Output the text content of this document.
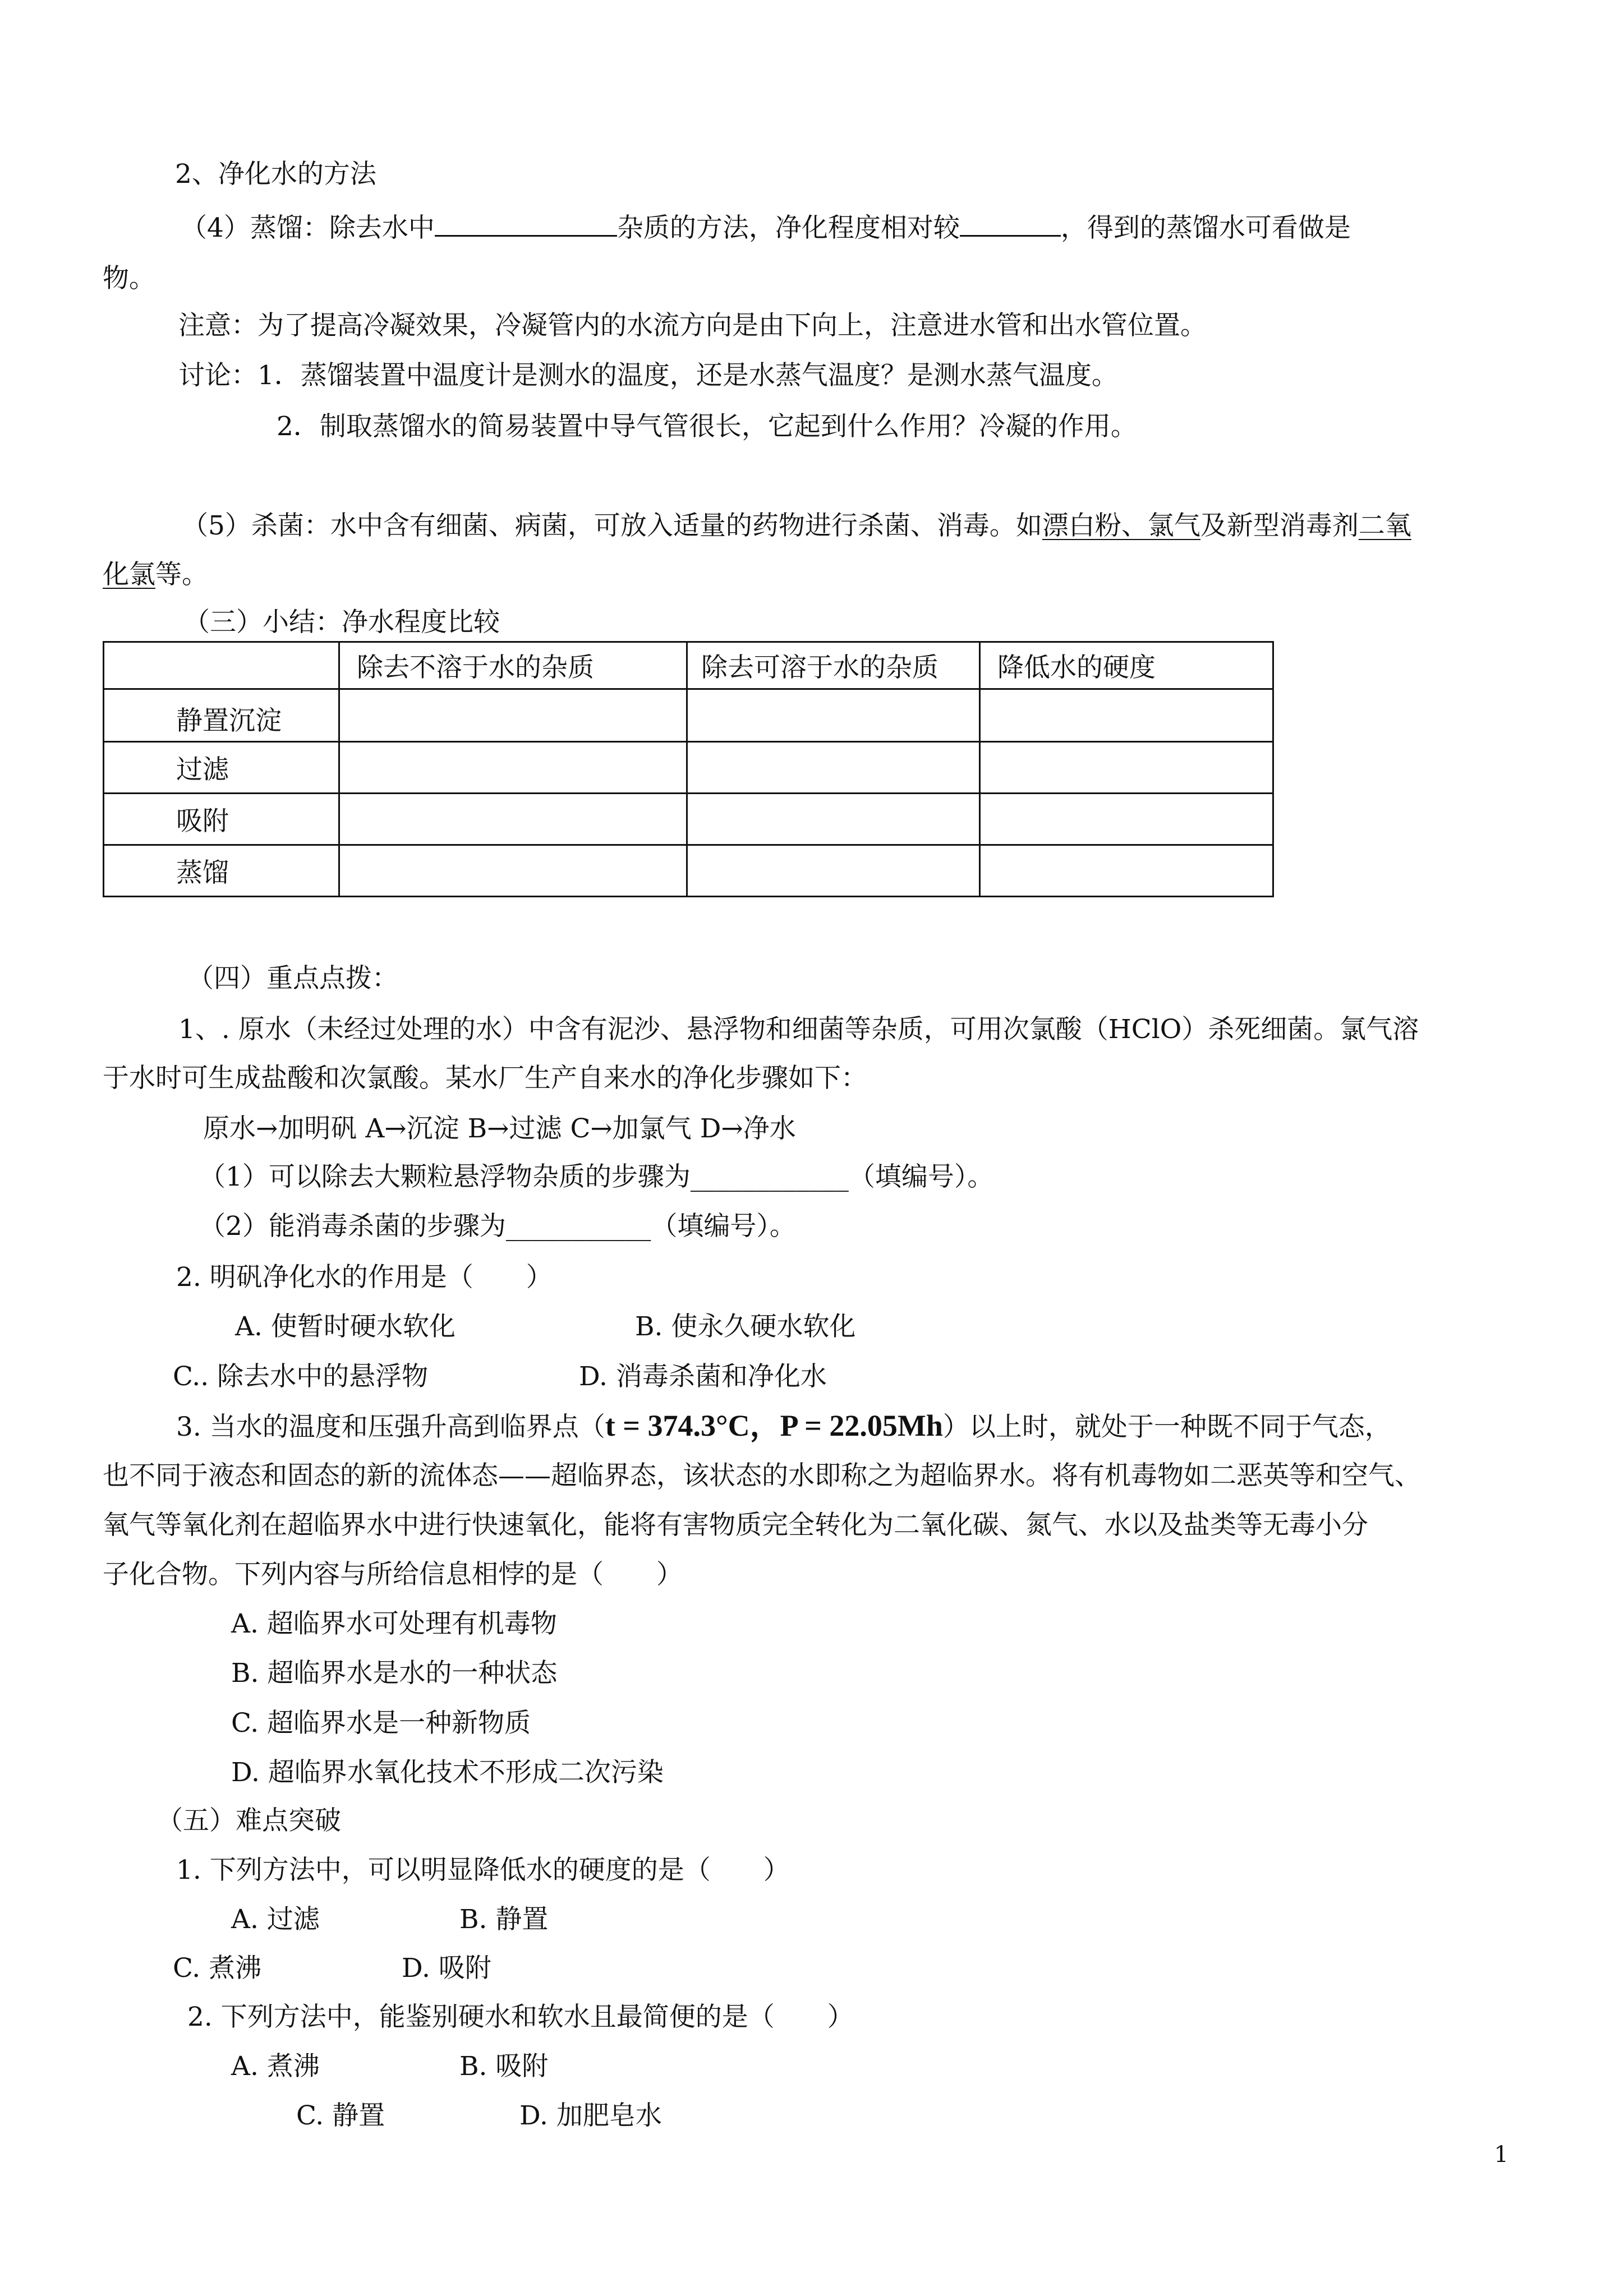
2、净化水的方法
（4）蒸馏：除去水中	杂质的方法，净化程度相对较	，得到的蒸馏水可看做是
物。
注意：为了提高冷凝效果，冷凝管内的水流方向是由下向上，注意进水管和出水管位置。
讨论：1．蒸馏装置中温度计是测水的温度，还是水蒸气温度？是测水蒸气温度。
2．制取蒸馏水的简易装置中导气管很长，它起到什么作用？冷凝的作用。
（5）杀菌：水中含有细菌、病菌，可放入适量的药物进行杀菌、消毒。如漂白粉、氯气及新型消毒剂二氧
化氯等。
（三）小结：净水程度比较
	除去不溶于水的杂质	除去可溶于水的杂质	降低水的硬度
静置沉淀			
过滤			
吸附			
蒸馏			
（四）重点点拨：
1、. 原水（未经过处理的水）中含有泥沙、悬浮物和细菌等杂质，可用次氯酸（HClO）杀死细菌。氯气溶
于水时可生成盐酸和次氯酸。某水厂生产自来水的净化步骤如下：
原水→加明矾 A→沉淀 B→过滤 C→加氯气 D→净水
（1）可以除去大颗粒悬浮物杂质的步骤为____________（填编号）。
（2）能消毒杀菌的步骤为___________（填编号）。
2. 明矾净化水的作用是（　　）
A. 使暂时硬水软化	B. 使永久硬水软化
C.. 除去水中的悬浮物	D. 消毒杀菌和净化水
3. 当水的温度和压强升高到临界点（t = 374.3°C，P = 22.05Mh）以上时，就处于一种既不同于气态，
也不同于液态和固态的新的流体态——超临界态，该状态的水即称之为超临界水。将有机毒物如二恶英等和空气、
氧气等氧化剂在超临界水中进行快速氧化，能将有害物质完全转化为二氧化碳、氮气、水以及盐类等无毒小分
子化合物。下列内容与所给信息相悖的是（　　）
A. 超临界水可处理有机毒物
B. 超临界水是水的一种状态
C. 超临界水是一种新物质
D. 超临界水氧化技术不形成二次污染
（五）难点突破
1. 下列方法中，可以明显降低水的硬度的是（　　）
A. 过滤	B. 静置
C. 煮沸	D. 吸附
2. 下列方法中，能鉴别硬水和软水且最简便的是（　　）
A. 煮沸	B. 吸附
C. 静置	D. 加肥皂水
1
